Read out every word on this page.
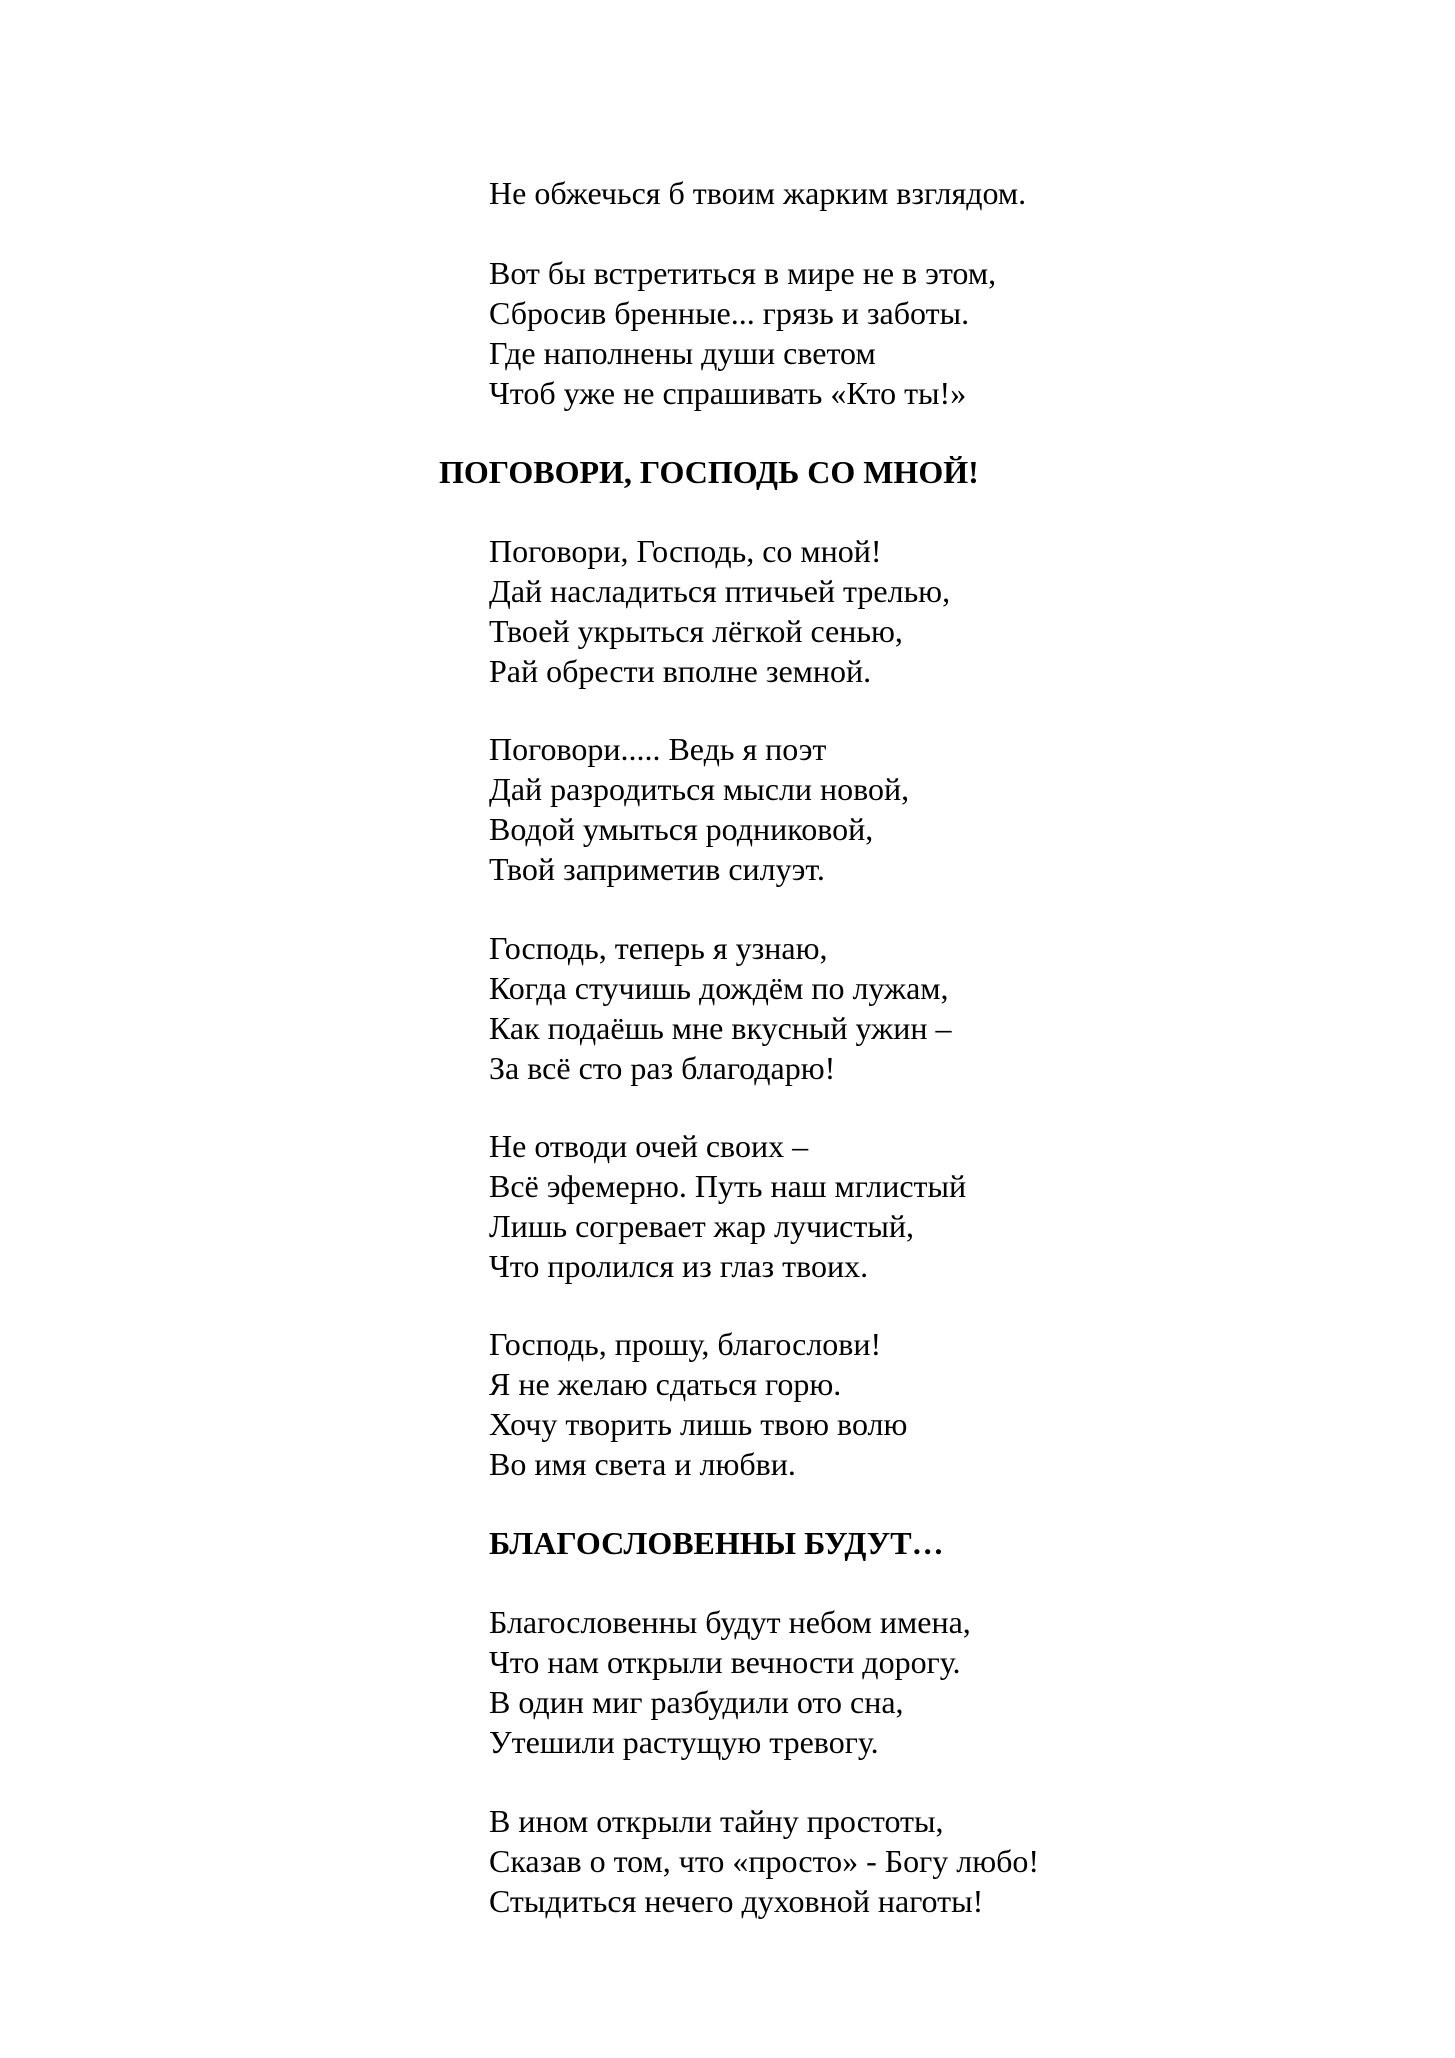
Не обжечься б твоим жарким взглядом.
Вот бы встретиться в мире не в этом,
Сбросив бренные... грязь и заботы.
Где наполнены души светом
Чтоб уже не спрашивать «Кто ты!»
ПОГОВОРИ, ГОСПОДЬ СО МНОЙ!
Поговори, Господь, со мной!
Дай насладиться птичьей трелью,
Твоей укрыться лёгкой сенью,
Рай обрести вполне земной.
Поговори..... Ведь я поэт
Дай разродиться мысли новой,
Водой умыться родниковой,
Твой заприметив силуэт.
Господь, теперь я узнаю,
Когда стучишь дождём по лужам,
Как подаёшь мне вкусный ужин –
За всё сто раз благодарю!
Не отводи очей своих –
Всё эфемерно. Путь наш мглистый
Лишь согревает жар лучистый,
Что пролился из глаз твоих.
Господь, прошу, благослови!
Я не желаю сдаться горю.
Хочу творить лишь твою волю
Во имя света и любви.
БЛАГОСЛОВЕННЫ БУДУТ…
Благословенны будут небом имена,
Что нам открыли вечности дорогу.
В один миг разбудили ото сна,
Утешили растущую тревогу.
В ином открыли тайну простоты,
Сказав о том, что «просто» - Богу любо!
Стыдиться нечего духовной наготы!
